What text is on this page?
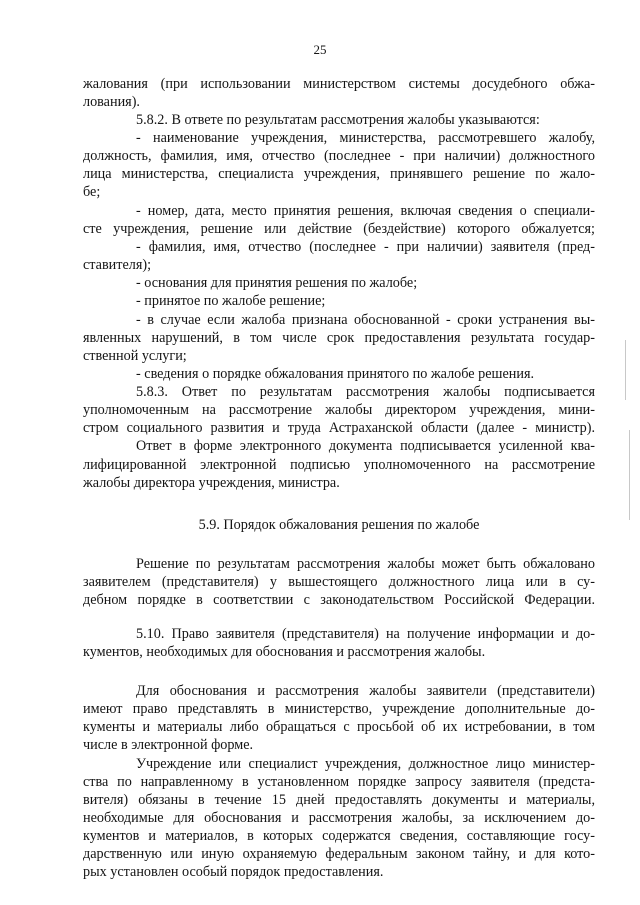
25
жалования (при использовании министерством системы досудебного обжа-
лования).
5.8.2. В ответе по результатам рассмотрения жалобы указываются:
- наименование учреждения, министерства, рассмотревшего жалобу,
должность, фамилия, имя, отчество (последнее - при наличии) должностного
лица министерства, специалиста учреждения, принявшего решение по жало-
бе;
- номер, дата, место принятия решения, включая сведения о специали-
сте учреждения, решение или действие (бездействие) которого обжалуется;
- фамилия, имя, отчество (последнее - при наличии) заявителя (пред-
ставителя);
- основания для принятия решения по жалобе;
- принятое по жалобе решение;
- в случае если жалоба признана обоснованной - сроки устранения вы-
явленных нарушений, в том числе срок предоставления результата государ-
ственной услуги;
- сведения о порядке обжалования принятого по жалобе решения.
5.8.3. Ответ по результатам рассмотрения жалобы подписывается
уполномоченным на рассмотрение жалобы директором учреждения, мини-
стром социального развития и труда Астраханской области (далее - министр).
Ответ в форме электронного документа подписывается усиленной ква-
лифицированной электронной подписью уполномоченного на рассмотрение
жалобы директора учреждения, министра.
5.9. Порядок обжалования решения по жалобе
Решение по результатам рассмотрения жалобы может быть обжаловано
заявителем (представителя) у вышестоящего должностного лица или в су-
дебном порядке в соответствии с законодательством Российской Федерации.
5.10. Право заявителя (представителя) на получение информации и до-
кументов, необходимых для обоснования и рассмотрения жалобы.
Для обоснования и рассмотрения жалобы заявители (представители)
имеют право представлять в министерство, учреждение дополнительные до-
кументы и материалы либо обращаться с просьбой об их истребовании, в том
числе в электронной форме.
Учреждение или специалист учреждения, должностное лицо министер-
ства по направленному в установленном порядке запросу заявителя (предста-
вителя) обязаны в течение 15 дней предоставлять документы и материалы,
необходимые для обоснования и рассмотрения жалобы, за исключением до-
кументов и материалов, в которых содержатся сведения, составляющие госу-
дарственную или иную охраняемую федеральным законом тайну, и для кото-
рых установлен особый порядок предоставления.
